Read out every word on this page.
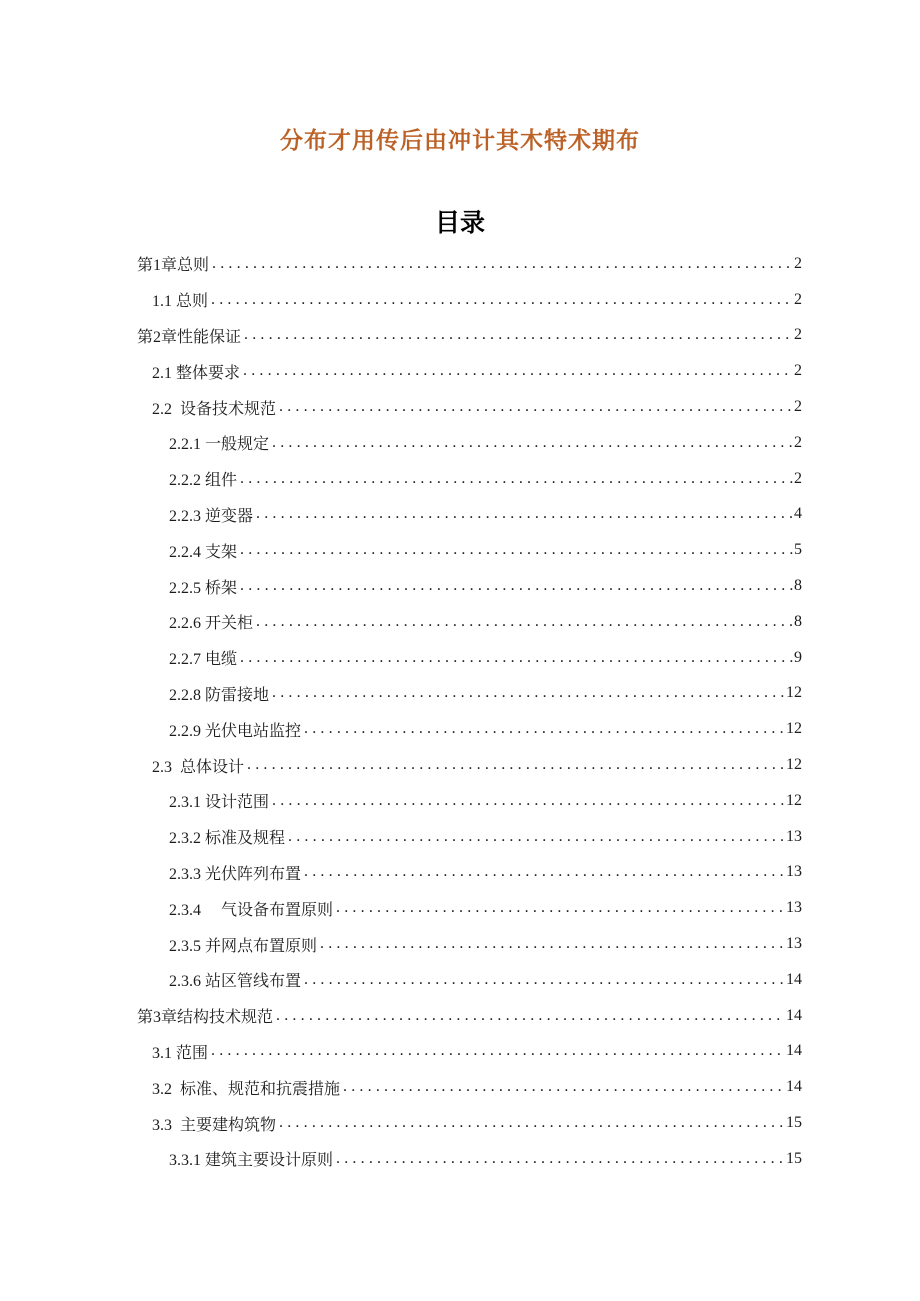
分布才用传后由冲计其木特术期布
目录
第1章总则 .....	2
1.1 总则 .....	2
第2章性能保证 .....	2
2.1 整体要求 .....	2
2.2  设备技术规范 .....	2
2.2.1 一般规定 .....	2
2.2.2 组件 .....	2
2.2.3 逆变器 .....	4
2.2.4 支架 .....	5
2.2.5 桥架 .....	8
2.2.6 开关柜 .....	8
2.2.7 电缆 .....	9
2.2.8 防雷接地 .....	12
2.2.9 光伏电站监控 .....	12
2.3  总体设计 .....	12
2.3.1 设计范围 .....	12
2.3.2 标准及规程 .....	13
2.3.3 光伏阵列布置 .....	13
2.3.4 　气设备布置原则 .....	13
2.3.5 并网点布置原则 .....	13
2.3.6 站区管线布置 .....	14
第3章结构技术规范 .....	14
3.1 范围 .....	14
3.2  标准、规范和抗震措施 .....	14
3.3  主要建构筑物 .....	15
3.3.1 建筑主要设计原则 .....	15
